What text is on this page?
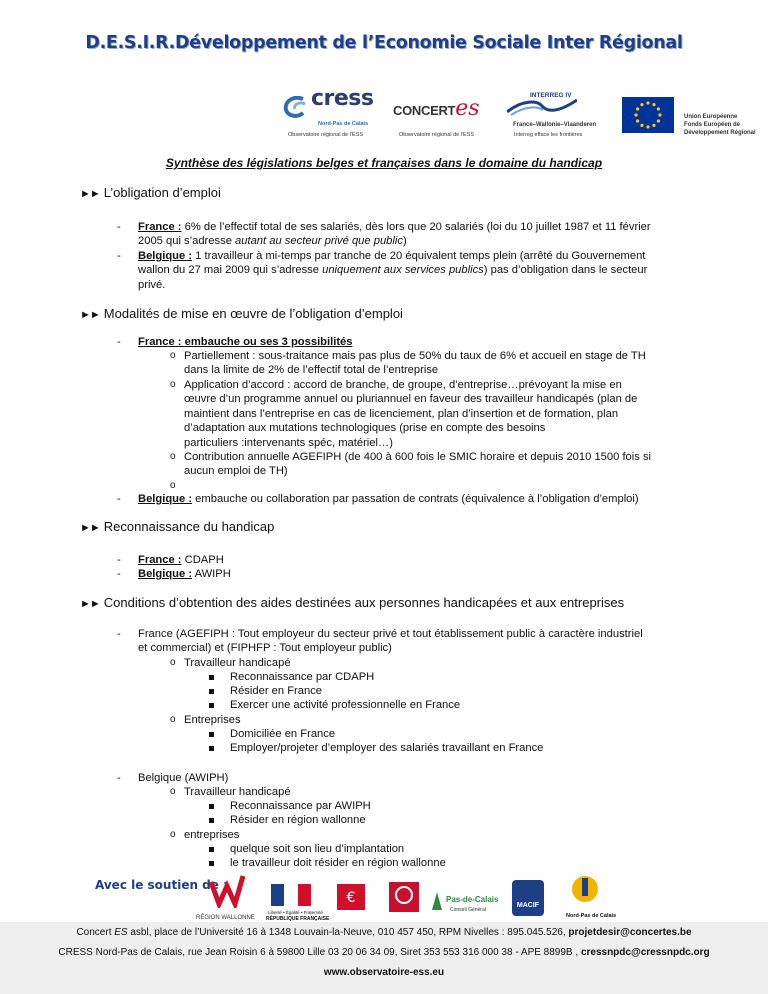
D.E.S.I.R.Développement de l’Economie Sociale Inter Régional
cress
Nord-Pas de Calais
Observatoire régional de l'ESS
CONCERTes
Observatoire régional de l'ESS
INTERREG IV
France–Wallonie–Vlaanderen
Interreg efface les frontières
Union Européenne
Fonds Européen de
Développement Régional
Synthèse des législations belges et françaises dans le domaine du handicap
►► L’obligation d’emploi
-	France : 6% de l’effectif total de ses salariés, dès lors que 20 salariés (loi du 10 juillet 1987 et 11 février
2005 qui s’adresse autant au secteur privé que public)
-	Belgique : 1 travailleur à mi-temps par tranche de 20 équivalent temps plein (arrêté du Gouvernement
wallon du 27 mai 2009 qui s’adresse uniquement aux services publics) pas d’obligation dans le secteur
privé.
►► Modalités de mise en œuvre de l’obligation d’emploi
-	France : embauche ou ses 3 possibilités
o Partiellement : sous-traitance mais pas plus de 50% du taux de 6% et accueil en stage de TH
dans la limite de 2% de l’effectif total de l’entreprise
o Application d’accord : accord de branche, de groupe, d’entreprise…prévoyant la mise en
œuvre d’un programme annuel ou pluriannuel en faveur des travailleur handicapés (plan de
maintient dans l’entreprise en cas de licenciement, plan d’insertion et de formation, plan

d’adaptation aux mutations technologiques (prise en compte des besoins
particuliers :intervenants spéc, matériel…)
o Contribution annuelle AGEFIPH (de 400 à 600 fois le SMIC horaire et depuis 2010 1500 fois si
aucun emploi de TH)
o
-	Belgique : embauche ou collaboration par passation de contrats (équivalence à l’obligation d’emploi)
►► Reconnaissance du handicap
-	France : CDAPH
-	Belgique : AWIPH
►► Conditions d’obtention des aides destinées aux personnes handicapées et aux entreprises
-	France (AGEFIPH : Tout employeur du secteur privé et tout établissement public à caractère industriel
et commercial) et (FIPHFP : Tout employeur public)
o Travailleur handicapé
Reconnaissance par CDAPH
Résider en France
Exercer une activité professionnelle en France
o Entreprises
Domiciliée en France
Employer/projeter d’employer des salariés travaillant en France
-	Belgique (AWIPH)
o Travailleur handicapé
Reconnaissance par AWIPH
Résider en région wallonne
o entreprises
quelque soit son lieu d’implantation
le travailleur doit résider en région wallonne
Avec le soutien de :
RÉGION WALLONNE
Liberté • Égalité • Fraternité
RÉPUBLIQUE FRANÇAISE
€	Pas-de-Calais
Conseil Général
MACIF
Nord-Pas de Calais
Concert ES asbl, place de l’Université 16 à 1348 Louvain-la-Neuve, 010 457 450, RPM Nivelles : 895.045.526, projetdesir@concertes.be
CRESS Nord-Pas de Calais, rue Jean Roisin 6 à 59800 Lille 03 20 06 34 09, Siret 353 553 316 000 38 - APE 8899B , cressnpdc@cressnpdc.org
www.observatoire-ess.eu
